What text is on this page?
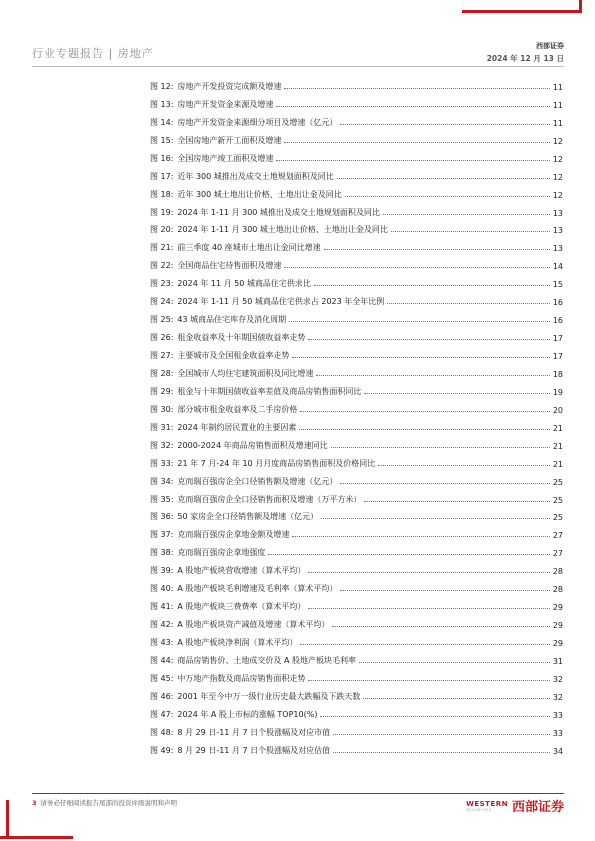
行业专题报告 | 房地产
西部证券
2024 年 12 月 13 日
图 12: 房地产开发投资完成额及增速	11
图 13: 房地产开发资金来源及增速	11
图 14: 房地产开发资金来源细分项目及增速（亿元）	11
图 15: 全国房地产新开工面积及增速	12
图 16: 全国房地产竣工面积及增速	12
图 17: 近年 300 城推出及成交土地规划面积及同比	12
图 18: 近年 300 城土地出让价格、土地出让金及同比	12
图 19: 2024 年 1-11 月 300 城推出及成交土地规划面积及同比	13
图 20: 2024 年 1-11 月 300 城土地出让价格、土地出让金及同比	13
图 21: 前三季度 40 座城市土地出让金同比增速	13
图 22: 全国商品住宅待售面积及增速	14
图 23: 2024 年 11 月 50 城商品住宅供求比	15
图 24: 2024 年 1-11 月 50 城商品住宅供求占 2023 年全年比例	16
图 25: 43 城商品住宅库存及消化周期	16
图 26: 租金收益率及十年期国债收益率走势	17
图 27: 主要城市及全国租金收益率走势	17
图 28: 全国城市人均住宅建筑面积及同比增速	18
图 29: 租金与十年期国债收益率差值及商品房销售面积同比	19
图 30: 部分城市租金收益率及二手房价格	20
图 31: 2024 年制约居民置业的主要因素	21
图 32: 2000-2024 年商品房销售面积及增速同比	21
图 33: 21 年 7 月-24 年 10 月月度商品房销售面积及价格同比	21
图 34: 克而瑞百强房企全口径销售额及增速（亿元）	25
图 35: 克而瑞百强房企全口径销售面积及增速（万平方米）	25
图 36: 50 家房企全口径销售额及增速（亿元）	25
图 37: 克而瑞百强房企拿地金额及增速	27
图 38: 克而瑞百强房企拿地强度	27
图 39: A 股地产板块营收增速（算术平均）	28
图 40: A 股地产板块毛利增速及毛利率（算术平均）	28
图 41: A 股地产板块三费费率（算术平均）	29
图 42: A 股地产板块资产减值及增速（算术平均）	29
图 43: A 股地产板块净利润（算术平均）	29
图 44: 商品房销售价、土地成交价及 A 股地产板块毛利率	31
图 45: 中万地产指数及商品房销售面积走势	32
图 46: 2001 年至今中万一级行业历史最大跌幅及下跌天数	32
图 47: 2024 年 A 股上市标的涨幅 TOP10(%)	33
图 48: 8 月 29 日-11 月 7 日个股涨幅及对应市值	33
图 49: 8 月 29 日-11 月 7 日个股涨幅及对应估值	34
3 请务必仔细阅读报告尾部的投资评级说明和声明	WESTERN
SECURITIES 西部证券
